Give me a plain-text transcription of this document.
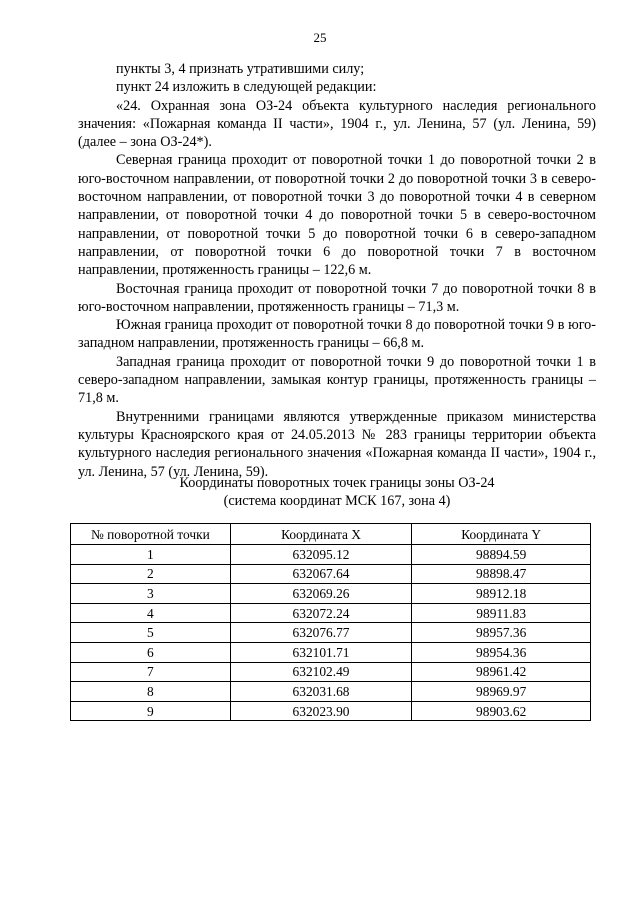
25

пункты 3, 4 признать утратившими силу;

пункт 24 изложить в следующей редакции:

«24. Охранная зона ОЗ-24 объекта культурного наследия регионального значения: «Пожарная команда II части», 1904 г., ул. Ленина, 57 (ул. Ленина, 59) (далее – зона ОЗ-24*).

Северная граница проходит от поворотной точки 1 до поворотной точки 2 в юго-восточном направлении, от поворотной точки 2 до поворотной точки 3 в северо-восточном направлении, от поворотной точки 3 до поворотной точки 4 в северном направлении, от поворотной точки 4 до поворотной точки 5 в северо-восточном направлении, от поворотной точки 5 до поворотной точки 6 в северо-западном направлении, от поворотной точки 6 до поворотной точки 7 в восточном направлении, протяженность границы – 122,6 м.

Восточная граница проходит от поворотной точки 7 до поворотной точки 8 в юго-восточном направлении, протяженность границы – 71,3 м.

Южная граница проходит от поворотной точки 8 до поворотной точки 9 в юго-западном направлении, протяженность границы – 66,8 м.

Западная граница проходит от поворотной точки 9 до поворотной точки 1 в северо-западном направлении, замыкая контур границы, протяженность границы – 71,8 м.

Внутренними границами являются утвержденные приказом министерства культуры Красноярского края от 24.05.2013 № 283 границы территории объекта культурного наследия регионального значения «Пожарная команда II части», 1904 г., ул. Ленина, 57 (ул. Ленина, 59).

Координаты поворотных точек границы зоны ОЗ-24
(система координат МСК 167, зона 4)
№ поворотной точки	Координата X	Координата Y
1	632095.12	98894.59
2	632067.64	98898.47
3	632069.26	98912.18
4	632072.24	98911.83
5	632076.77	98957.36
6	632101.71	98954.36
7	632102.49	98961.42
8	632031.68	98969.97
9	632023.90	98903.62
